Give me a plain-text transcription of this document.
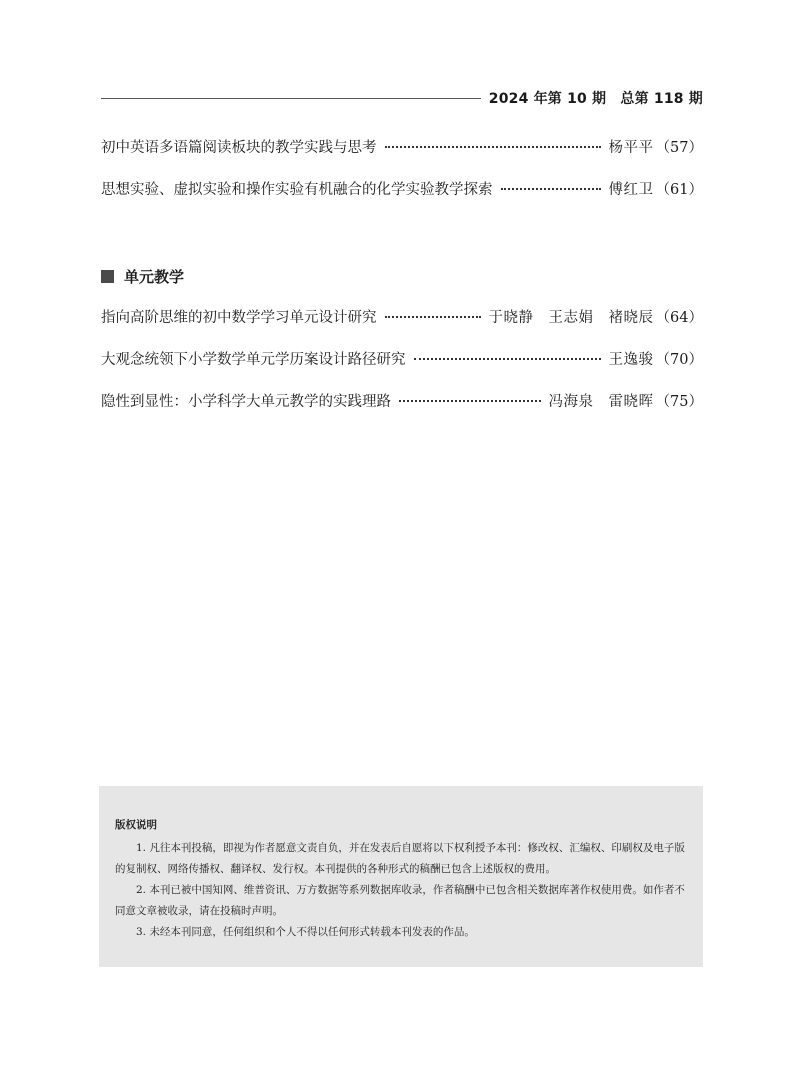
2024 年第 10 期　总第 118 期
初中英语多语篇阅读板块的教学实践与思考	杨平平 （57）
思想实验、虚拟实验和操作实验有机融合的化学实验教学探索	傅红卫 （61）
单元教学
指向高阶思维的初中数学学习单元设计研究	于晓静　王志娟　褚晓辰 （64）
大观念统领下小学数学单元学历案设计路径研究	王逸骏 （70）
隐性到显性：小学科学大单元教学的实践理路	冯海泉　雷晓晖 （75）
版权说明

1. 凡往本刊投稿，即视为作者愿意文责自负，并在发表后自愿将以下权利授予本刊：修改权、汇编权、印刷权及电子版的复制权、网络传播权、翻译权、发行权。本刊提供的各种形式的稿酬已包含上述版权的费用。

2. 本刊已被中国知网、维普资讯、万方数据等系列数据库收录，作者稿酬中已包含相关数据库著作权使用费。如作者不同意文章被收录，请在投稿时声明。

3. 未经本刊同意，任何组织和个人不得以任何形式转载本刊发表的作品。
